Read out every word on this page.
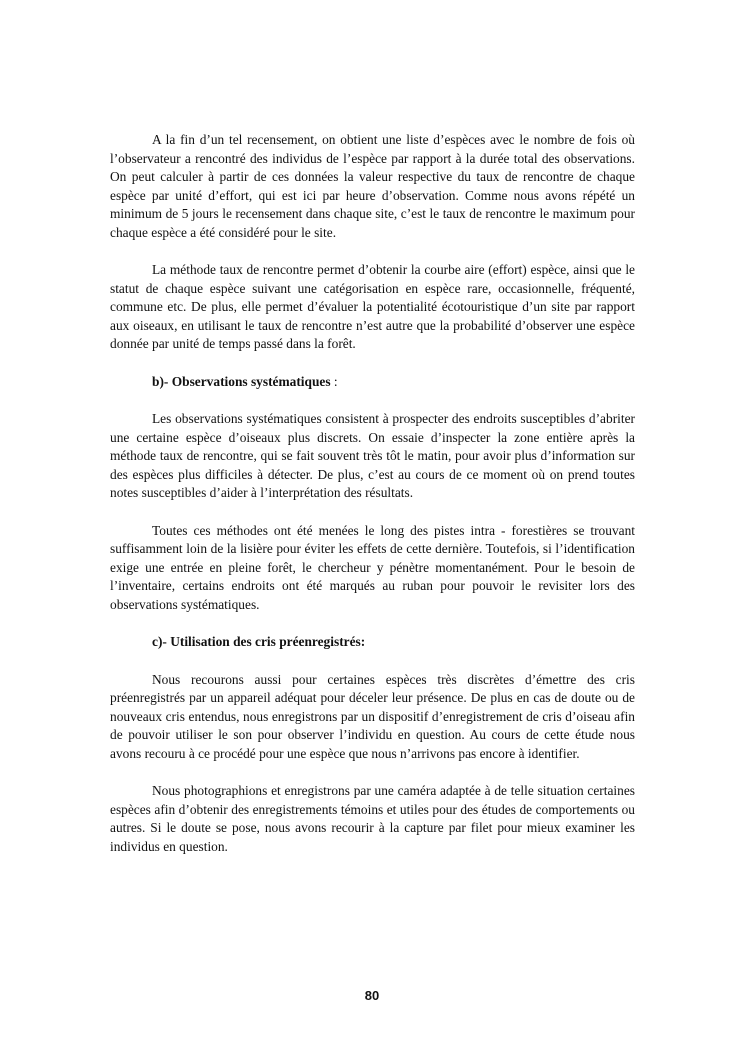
A la fin d’un tel recensement, on obtient une liste d’espèces avec le nombre de fois où l’observateur a rencontré des individus de l’espèce par rapport à la durée total des observations. On peut calculer à partir de ces données la valeur respective du taux de rencontre de chaque espèce par unité d’effort, qui est ici par heure d’observation. Comme nous avons répété un minimum de 5 jours le recensement dans chaque site, c’est le taux de rencontre le maximum pour chaque espèce a été considéré pour le site.

La méthode taux de rencontre permet d’obtenir la courbe aire (effort) espèce, ainsi que le statut de chaque espèce suivant une catégorisation en espèce rare, occasionnelle, fréquenté, commune etc. De plus, elle permet d’évaluer la potentialité écotouristique d’un site par rapport aux oiseaux, en utilisant le taux de rencontre n’est autre que la probabilité d’observer une espèce donnée par unité de temps passé dans la forêt.

b)- Observations systématiques :

Les observations systématiques consistent à prospecter des endroits susceptibles d’abriter une certaine espèce d’oiseaux plus discrets. On essaie d’inspecter la zone entière après la méthode taux de rencontre, qui se fait souvent très tôt le matin, pour avoir plus d’information sur des espèces plus difficiles à détecter. De plus, c’est au cours de ce moment où on prend toutes notes susceptibles d’aider à l’interprétation des résultats.

Toutes ces méthodes ont été menées le long des pistes intra - forestières se trouvant suffisamment loin de la lisière pour éviter les effets de cette dernière. Toutefois, si l’identification exige une entrée en pleine forêt, le chercheur y pénètre momentanément. Pour le besoin de l’inventaire, certains endroits ont été marqués au ruban pour pouvoir le revisiter lors des observations systématiques.

c)- Utilisation des cris préenregistrés:

Nous recourons aussi pour certaines espèces très discrètes d’émettre des cris préenregistrés par un appareil adéquat pour déceler leur présence. De plus en cas de doute ou de nouveaux cris entendus, nous enregistrons par un dispositif d’enregistrement de cris d’oiseau afin de pouvoir utiliser le son pour observer l’individu en question. Au cours de cette étude nous avons recouru à ce procédé pour une espèce que nous n’arrivons pas encore à identifier.

Nous photographions et enregistrons par une caméra adaptée à de telle situation certaines espèces afin d’obtenir des enregistrements témoins et utiles pour des études de comportements ou autres. Si le doute se pose, nous avons recourir à la capture par filet pour mieux examiner les individus en question.

80
